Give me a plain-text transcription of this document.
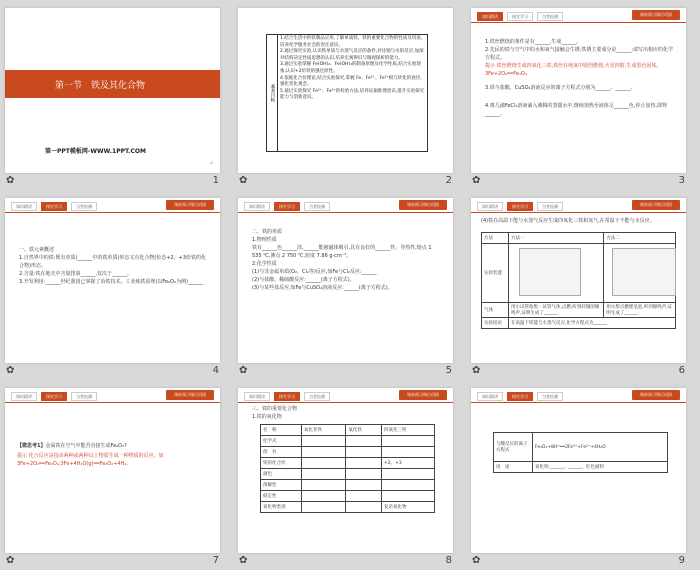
第一节　铁及其化合物
第一PPT模板网-WWW.1PPT.COM
⊿
✿	1
素养目标
1.结合生活中的铁制品应用,了解单质铁、铁的重要化合物的性质及用途,培养化学服务社会的责任意识。
2.通过探究实验,认识铁单质与水蒸气反应的条件,对比钠与水的反应,加深对结构决定性质思想的认识,培养宏观辨识与微观探析的能力。
3.通过实验掌握 Fe(OH)₂、Fe(OH)₃的制备原理及化学性质,结合实验现象,认识+2价铁的强还原性。
4.依据化合价理论,结合实验探究,掌握 Fe、Fe²⁺、Fe³⁺相互转化的途径,强化变化观念。
5.通过实验探究 Fe²⁺、Fe³⁺的检验方法,培养证据推理意识,提升实验探究能力与创新意识。
✿	2
知识精讲	探究学习	当堂检测	课前预习课后巩固
1.铁丝燃烧的条件是有______,生成______。
2.先民的铁与空气中的水和氧气接触会生锈,铁锈主要成分是______;请写出相应的化学方程式。
提示 铁丝燃烧生成四氧化三铁,铁丝在纯氧中剧烈燃烧,火星四射,生成黑色固体。3Fe+2O₂══Fe₃O₄
3.铁与盐酸、CuSO₄溶液反应的离子方程式分别为______、______。
4.将几滴FeCl₃溶液滴入沸腾的蒸馏水中,继续加热至液体呈______色,停止加热,即得______。
✿	3
知识精讲	探究学习	当堂检测	课前预习课后巩固
一、铁元素概述
1.自然界中的铁:既有单质(______中的铁单质)形态又有化合物(价态+2、+3价铁的化合物)形态。
2.含量:铁在地壳中含量排第______,仅次于______。
3.开发利用:______世纪我国已掌握了冶铁技术。工业炼铁原理(以Fe₂O₃为例)______
✿	4
知识精讲	探究学习	当堂检测	课前预习课后巩固
二、铁的单质
1.物理性质
铁有______色______泽,______能被磁体吸引,具有良好的______性、导热性,熔点 1 535 ℃,沸点 2 750 ℃,密度 7.86 g·cm⁻³。
2.化学性质
(1)与非金属单质(O₂、Cl₂等)反应,如Fe与Cl₂反应:______
(2)与盐酸、稀硫酸反应:______(离子方程式)。
(3)与某些盐反应,如Fe与CuSO₄溶液反应:______(离子方程式)。
✿	5
知识精讲	探究学习	当堂检测	课前预习课后巩固
(4)铁在高温下能与水蒸气反应生成四氧化三铁和氢气,在常温下不能与水反应。
方法	方法一	方法二
实验装置	

气体	用小试管收集一试管气体,点燃,听到轻微的爆鸣声,证明生成了______	用火柴点燃肥皂泡,听到爆鸣声,证明生成了______
实验结论	在高温下铁能与水蒸气反应,化学方程式为______	
✿	6
知识精讲	探究学习	当堂检测	课前预习课后巩固
【微思考1】金属铁在空气中能否直接生成Fe₂O₃?
提示 化合反应是指由两种或两种以上物质生成一种物质的反应。如 3Fe+2O₂══Fe₃O₄;3Fe+4H₂O(g)══Fe₃O₄+4H₂。
✿	7
知识精讲	探究学习	当堂检测	课前预习课后巩固
三、铁的重要化合物
1.铁的氧化物
名　称	氧化亚铁	氧化铁	四氧化三铁
化学式			
俗　名			
铁的化合价			+2、+3
颜色			
溶解性			
稳定性			
氧化物类别			复杂氧化物
✿	8
知识精讲	探究学习	当堂检测	课前预习课后巩固
与酸反应的离子方程式	Fe₃O₄+8H⁺══2Fe³⁺+Fe²⁺+4H₂O
用　途	氧化铁:______、______、红色颜料
✿	9
